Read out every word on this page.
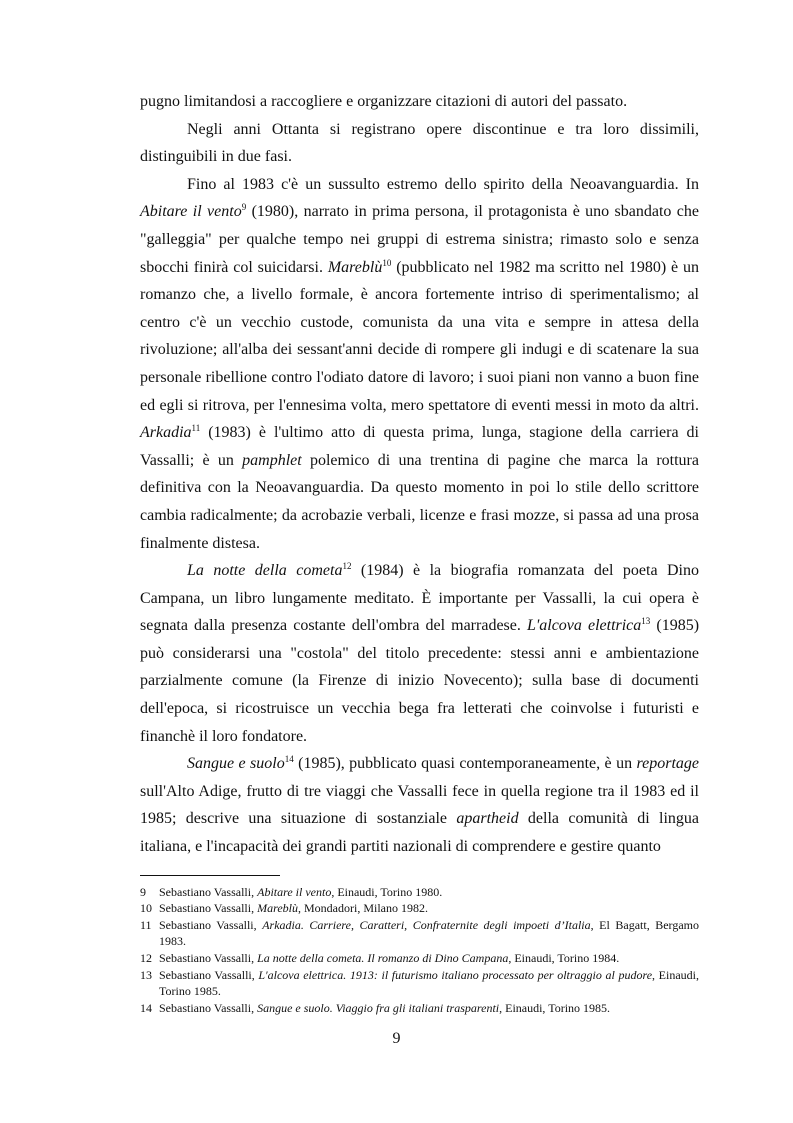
pugno limitandosi a raccogliere e organizzare citazioni di autori del passato.

Negli anni Ottanta si registrano opere discontinue e tra loro dissimili, distinguibili in due fasi.

Fino al 1983 c'è un sussulto estremo dello spirito della Neoavanguardia. In Abitare il vento$^9$ (1980), narrato in prima persona, il protagonista è uno sbandato che "galleggia" per qualche tempo nei gruppi di estrema sinistra; rimasto solo e senza sbocchi finirà col suicidarsi. Mareblù$^{10}$ (pubblicato nel 1982 ma scritto nel 1980) è un romanzo che, a livello formale, è ancora fortemente intriso di sperimentalismo; al centro c'è un vecchio custode, comunista da una vita e sempre in attesa della rivoluzione; all'alba dei sessant'anni decide di rompere gli indugi e di scatenare la sua personale ribellione contro l'odiato datore di lavoro; i suoi piani non vanno a buon fine ed egli si ritrova, per l'ennesima volta, mero spettatore di eventi messi in moto da altri. Arkadia$^{11}$ (1983) è l'ultimo atto di questa prima, lunga, stagione della carriera di Vassalli; è un pamphlet polemico di una trentina di pagine che marca la rottura definitiva con la Neoavanguardia. Da questo momento in poi lo stile dello scrittore cambia radicalmente; da acrobazie verbali, licenze e frasi mozze, si passa ad una prosa finalmente distesa.

La notte della cometa$^{12}$ (1984) è la biografia romanzata del poeta Dino Campana, un libro lungamente meditato. È importante per Vassalli, la cui opera è segnata dalla presenza costante dell'ombra del marradese. L'alcova elettrica$^{13}$ (1985) può considerarsi una "costola" del titolo precedente: stessi anni e ambientazione parzialmente comune (la Firenze di inizio Novecento); sulla base di documenti dell'epoca, si ricostruisce un vecchia bega fra letterati che coinvolse i futuristi e financhè il loro fondatore.

Sangue e suolo$^{14}$ (1985), pubblicato quasi contemporaneamente, è un reportage sull'Alto Adige, frutto di tre viaggi che Vassalli fece in quella regione tra il 1983 ed il 1985; descrive una situazione di sostanziale apartheid della comunità di lingua italiana, e l'incapacità dei grandi partiti nazionali di comprendere e gestire quanto

9	Sebastiano Vassalli, Abitare il vento, Einaudi, Torino 1980.
10 Sebastiano Vassalli, Mareblù, Mondadori, Milano 1982.
11 Sebastiano Vassalli, Arkadia. Carriere, Caratteri, Confraternite degli impoeti d’Italia, El Bagatt, Bergamo 1983.
12 Sebastiano Vassalli, La notte della cometa. Il romanzo di Dino Campana, Einaudi, Torino 1984.
13 Sebastiano Vassalli, L'alcova elettrica. 1913: il futurismo italiano processato per oltraggio al pudore, Einaudi, Torino 1985.
14 Sebastiano Vassalli, Sangue e suolo. Viaggio fra gli italiani trasparenti, Einaudi, Torino 1985.
9
